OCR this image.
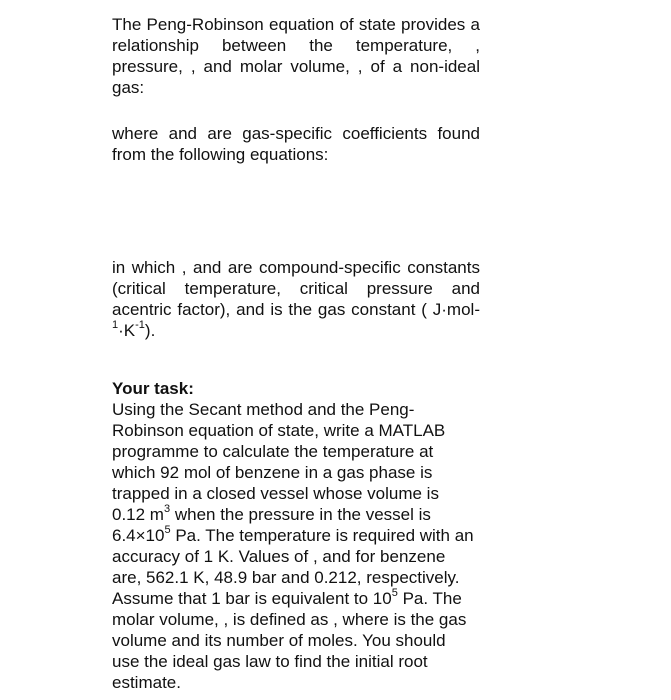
The Peng-Robinson equation of state provides a
relationship between the temperature, ,
pressure, , and molar volume, , of a non-ideal
gas:
where and are gas-specific coefficients found
from the following equations:
in which , and are compound-specific constants
(critical temperature, critical pressure and
acentric factor), and is the gas constant ( J·mol-
$^1\cdot K^{-1}$).
Your task:
Using the Secant method and the Peng-
Robinson equation of state, write a MATLAB
programme to calculate the temperature at
which 92 mol of benzene in a gas phase is
trapped in a closed vessel whose volume is
0.12 $m^3$ when the pressure in the vessel is
$6.4\times 10^5$ Pa. The temperature is required with an
accuracy of 1 K. Values of , and for benzene
are, 562.1 K, 48.9 bar and 0.212, respectively.
Assume that 1 bar is equivalent to $10^5$ Pa. The
molar volume, , is defined as , where is the gas
volume and its number of moles. You should
use the ideal gas law to find the initial root
estimate.
